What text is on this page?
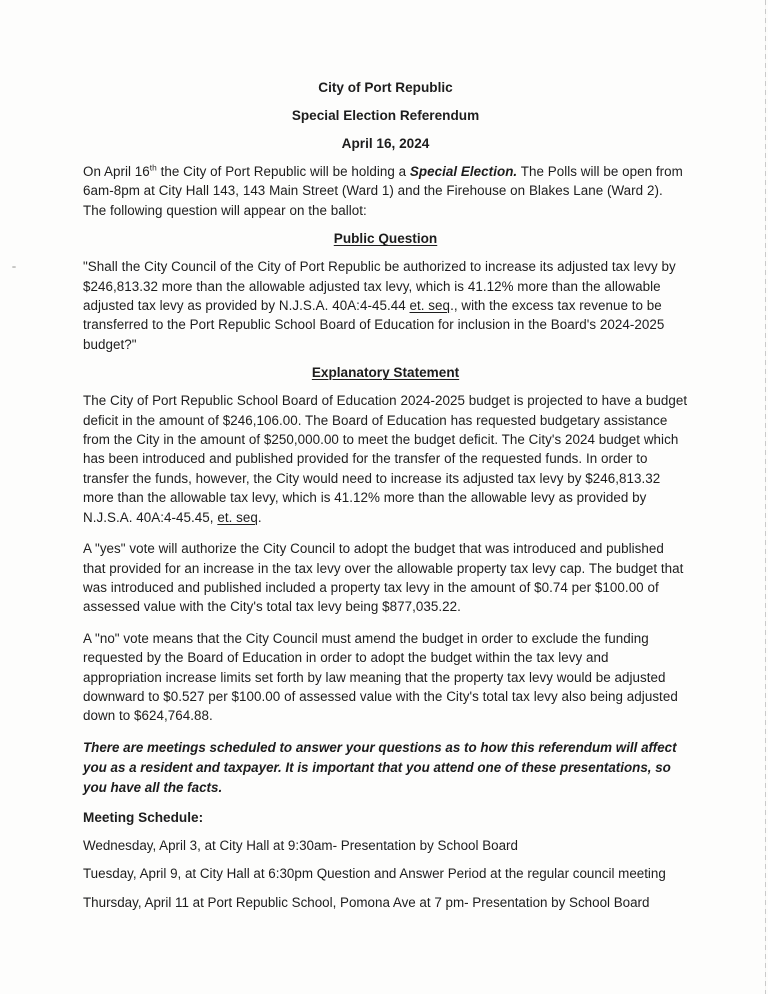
City of Port Republic

Special Election Referendum

April 16, 2024

On April 16th the City of Port Republic will be holding a Special Election. The Polls will be open from 6am-8pm at City Hall 143, 143 Main Street (Ward 1) and the Firehouse on Blakes Lane (Ward 2). The following question will appear on the ballot:

Public Question

"Shall the City Council of the City of Port Republic be authorized to increase its adjusted tax levy by $246,813.32 more than the allowable adjusted tax levy, which is 41.12% more than the allowable adjusted tax levy as provided by N.J.S.A. 40A:4-45.44 et. seq., with the excess tax revenue to be transferred to the Port Republic School Board of Education for inclusion in the Board's 2024-2025 budget?"

Explanatory Statement

The City of Port Republic School Board of Education 2024-2025 budget is projected to have a budget deficit in the amount of $246,106.00. The Board of Education has requested budgetary assistance from the City in the amount of $250,000.00 to meet the budget deficit. The City's 2024 budget which has been introduced and published provided for the transfer of the requested funds. In order to transfer the funds, however, the City would need to increase its adjusted tax levy by $246,813.32 more than the allowable tax levy, which is 41.12% more than the allowable levy as provided by N.J.S.A. 40A:4-45.45, et. seq.

A "yes" vote will authorize the City Council to adopt the budget that was introduced and published that provided for an increase in the tax levy over the allowable property tax levy cap. The budget that was introduced and published included a property tax levy in the amount of $0.74 per $100.00 of assessed value with the City's total tax levy being $877,035.22.

A "no" vote means that the City Council must amend the budget in order to exclude the funding requested by the Board of Education in order to adopt the budget within the tax levy and appropriation increase limits set forth by law meaning that the property tax levy would be adjusted downward to $0.527 per $100.00 of assessed value with the City's total tax levy also being adjusted down to $624,764.88.

There are meetings scheduled to answer your questions as to how this referendum will affect you as a resident and taxpayer. It is important that you attend one of these presentations, so you have all the facts.

Meeting Schedule:

Wednesday, April 3, at City Hall at 9:30am- Presentation by School Board

Tuesday, April 9, at City Hall at 6:30pm Question and Answer Period at the regular council meeting

Thursday, April 11 at Port Republic School, Pomona Ave at 7 pm- Presentation by School Board
